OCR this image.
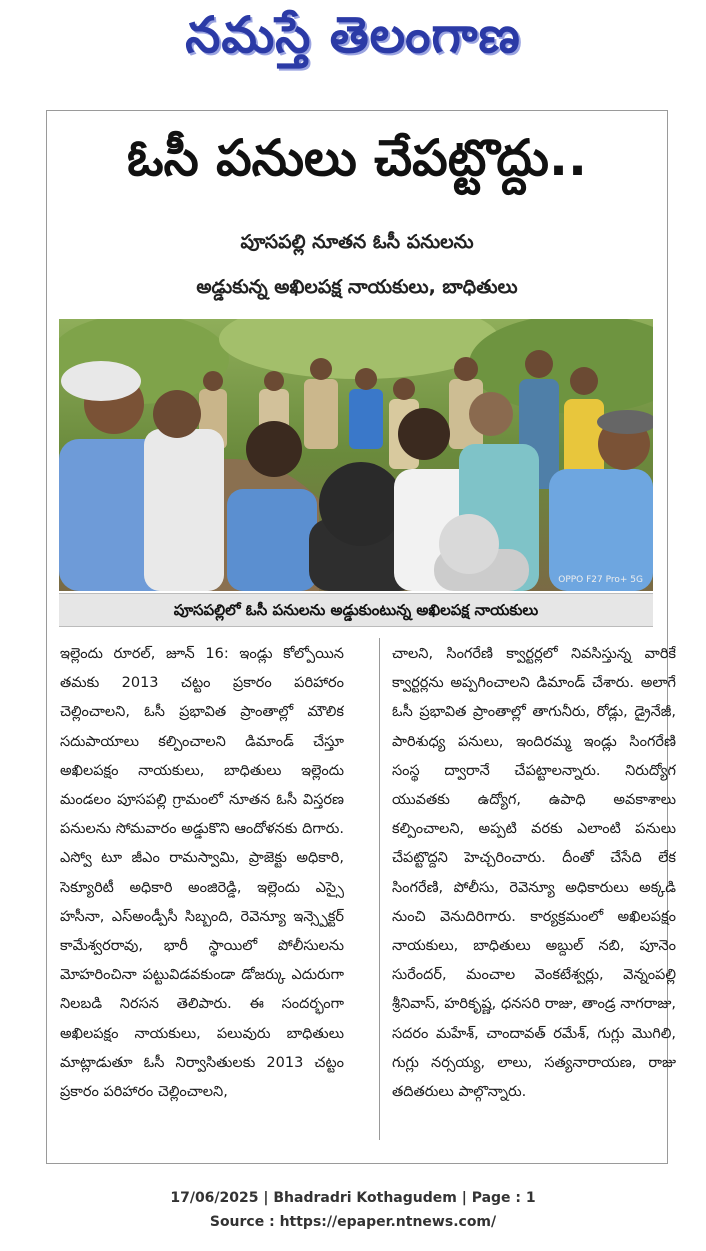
నమస్తే తెలంగాణ
ఓసీ పనులు చేపట్టొద్దు..
పూసపల్లి నూతన ఓసీ పనులను
అడ్డుకున్న అఖిలపక్ష నాయకులు, బాధితులు
OPPO F27 Pro+ 5G
పూసపల్లిలో ఓసీ పనులను అడ్డుకుంటున్న అఖిలపక్ష నాయకులు

ఇల్లెందు రూరల్, జూన్ 16: ఇండ్లు కోల్పోయిన తమకు 2013 చట్టం ప్రకారం పరిహారం చెల్లించాలని, ఓసీ ప్రభావిత ప్రాంతాల్లో మౌలిక సదుపాయాలు కల్పించాలని డిమాండ్ చేస్తూ అఖిలపక్షం నాయకులు, బాధితులు ఇల్లెందు మండలం పూసపల్లి గ్రామంలో నూతన ఓసీ విస్తరణ పనులను సోమవారం అడ్డుకొని ఆందోళనకు దిగారు. ఎస్వో టూ జీఎం రామస్వామి, ప్రాజెక్టు అధికారి, సెక్యూరిటీ అధికారి అంజిరెడ్డి, ఇల్లెందు ఎస్సై హసీనా, ఎస్అండ్పీసీ సిబ్బంది, రెవెన్యూ ఇన్స్పెక్టర్ కామేశ్వరరావు, భారీ స్థాయిలో పోలీసులను మోహరించినా పట్టువిడవకుండా డోజర్కు ఎదురుగా నిలబడి నిరసన తెలిపారు. ఈ సందర్భంగా అఖిలపక్షం నాయకులు, పలువురు బాధితులు మాట్లాడుతూ ఓసీ నిర్వాసితులకు 2013 చట్టం ప్రకారం పరిహారం చెల్లించాలని,

చాలని, సింగరేణి క్వార్టర్లలో నివసిస్తున్న వారికే క్వార్టర్లను అప్పగించాలని డిమాండ్ చేశారు. అలాగే ఓసీ ప్రభావిత ప్రాంతాల్లో తాగునీరు, రోడ్లు, డ్రైనేజీ, పారిశుధ్య పనులు, ఇందిరమ్మ ఇండ్లు సింగరేణి సంస్థ ద్వారానే చేపట్టాలన్నారు. నిరుద్యోగ యువతకు ఉద్యోగ, ఉపాధి అవకాశాలు కల్పించాలని, అప్పటి వరకు ఎలాంటి పనులు చేపట్టొద్దని హెచ్చరించారు. దీంతో చేసేది లేక సింగరేణి, పోలీసు, రెవెన్యూ అధికారులు అక్కడి నుంచి వెనుదిరిగారు. కార్యక్రమంలో అఖిలపక్షం నాయకులు, బాధితులు అబ్దుల్ నబి, పూనెం సురేందర్, మంచాల వెంకటేశ్వర్లు, వెన్నంపల్లి శ్రీనివాస్, హరికృష్ణ, ధనసరి రాజు, తాండ్ర నాగరాజు, సదరం మహేశ్, చాందావత్ రమేశ్, గుగ్లు మొగిలి, గుగ్లు నర్సయ్య, లాలు, సత్యనారాయణ, రాజు తదితరులు పాల్గొన్నారు.

17/06/2025 | Bhadradri Kothagudem | Page : 1
Source : https://epaper.ntnews.com/
